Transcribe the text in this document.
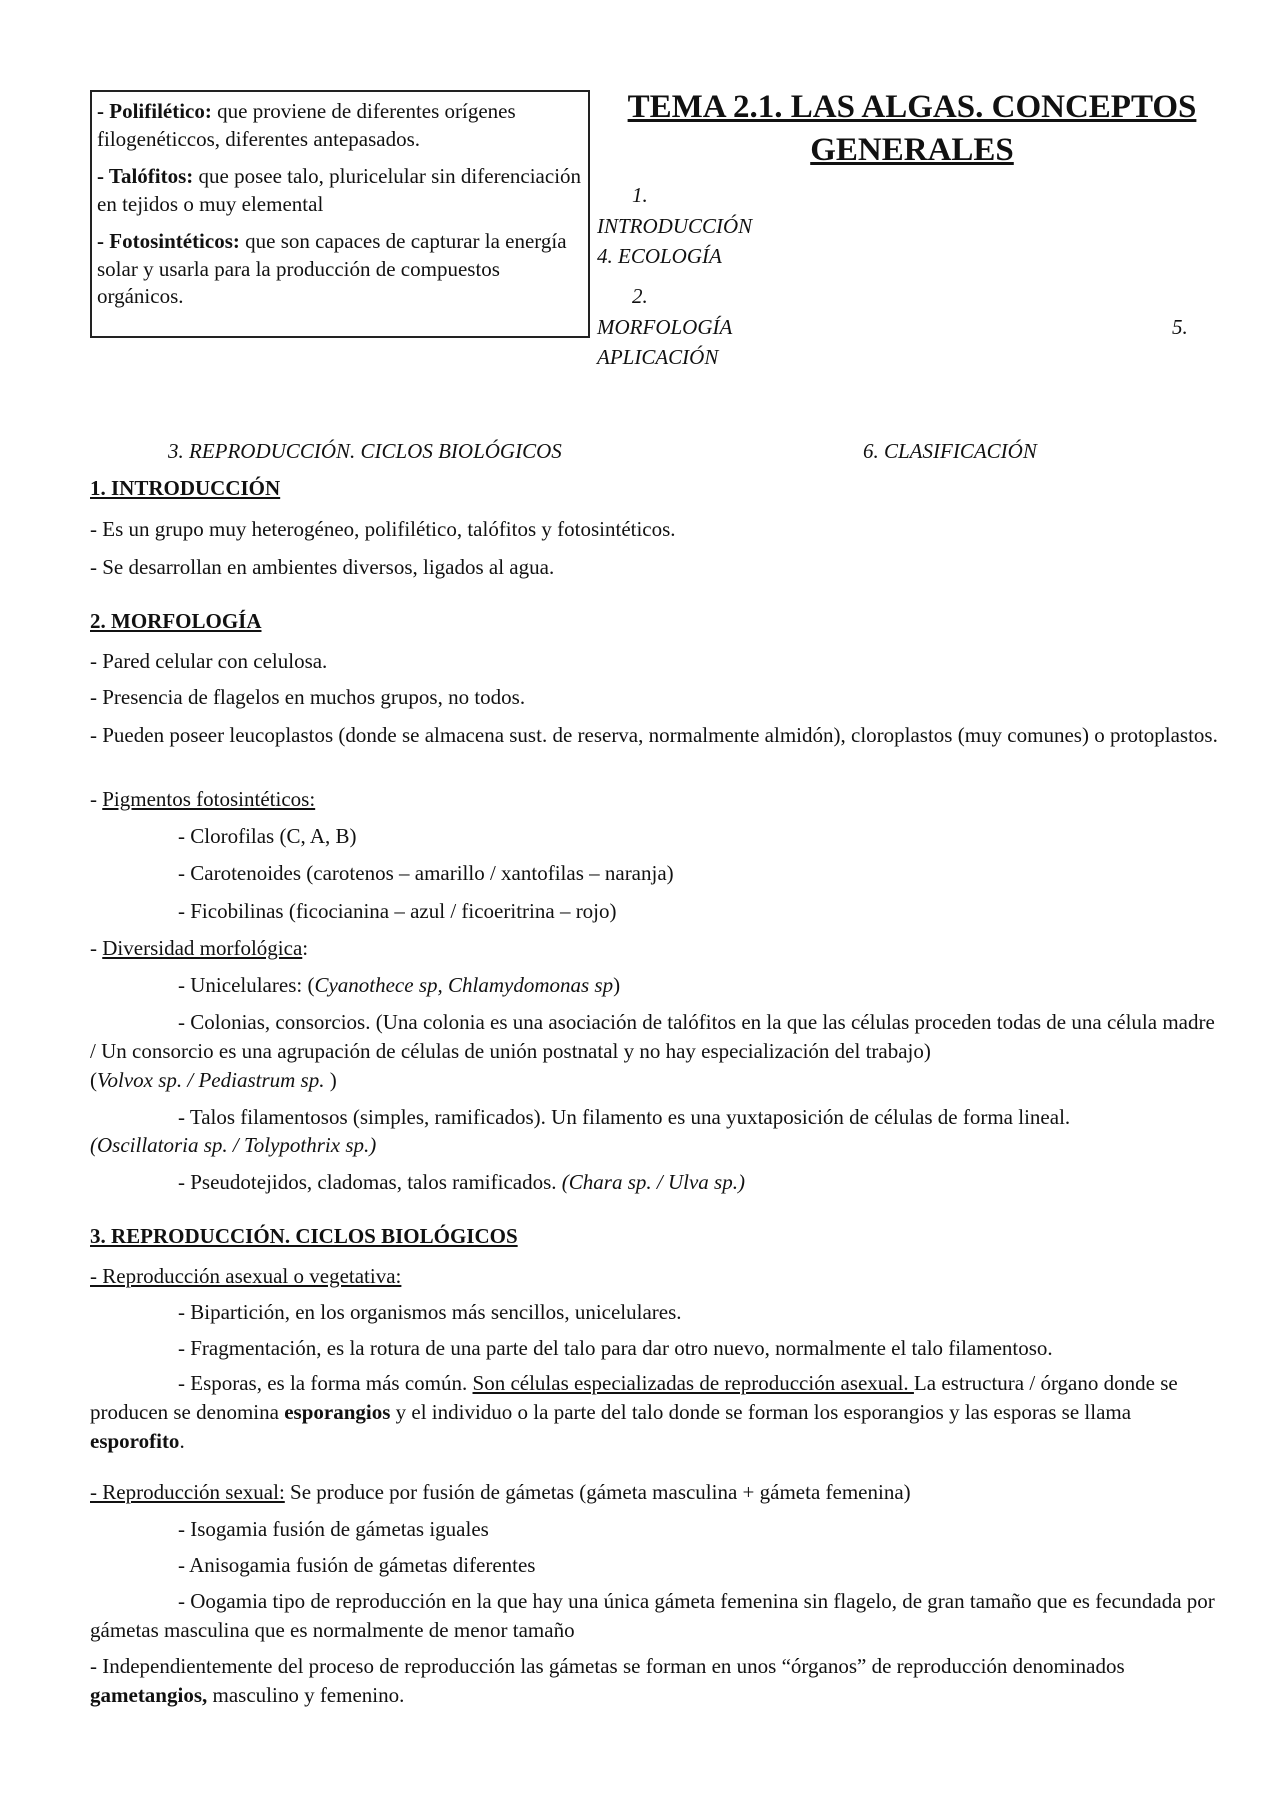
- Polifilético: que proviene de diferentes orígenes filogenéticcos, diferentes antepasados.

- Talófitos: que posee talo, pluricelular sin diferenciación en tejidos o muy elemental

- Fotosintéticos: que son capaces de capturar la energía solar y usarla para la producción de compuestos orgánicos.

TEMA 2.1. LAS ALGAS. CONCEPTOS
GENERALES
1.
INTRODUCCIÓN
4. ECOLOGÍA
2.
MORFOLOGÍA	5.
APLICACIÓN
3. REPRODUCCIÓN. CICLOS BIOLÓGICOS	6. CLASIFICACIÓN
1. INTRODUCCIÓN
- Es un grupo muy heterogéneo, polifilético, talófitos y fotosintéticos.
- Se desarrollan en ambientes diversos, ligados al agua.
2. MORFOLOGÍA
- Pared celular con celulosa.
- Presencia de flagelos en muchos grupos, no todos.
- Pueden poseer leucoplastos (donde se almacena sust. de reserva, normalmente almidón), cloroplastos (muy comunes) o protoplastos.
- Pigmentos fotosintéticos:
- Clorofilas (C, A, B)
- Carotenoides (carotenos – amarillo / xantofilas – naranja)
- Ficobilinas (ficocianina – azul / ficoeritrina – rojo)
- Diversidad morfológica:
- Unicelulares: (Cyanothece sp, Chlamydomonas sp)
- Colonias, consorcios. (Una colonia es una asociación de talófitos en la que las células proceden todas de una célula madre / Un consorcio es una agrupación de células de unión postnatal y no hay especialización del trabajo)
(Volvox sp. / Pediastrum sp. )
- Talos filamentosos (simples, ramificados). Un filamento es una yuxtaposición de células de forma lineal.
(Oscillatoria sp. / Tolypothrix sp.)
- Pseudotejidos, cladomas, talos ramificados. (Chara sp. / Ulva sp.)
3. REPRODUCCIÓN. CICLOS BIOLÓGICOS
- Reproducción asexual o vegetativa:
- Bipartición, en los organismos más sencillos, unicelulares.
- Fragmentación, es la rotura de una parte del talo para dar otro nuevo, normalmente el talo filamentoso.
- Esporas, es la forma más común. Son células especializadas de reproducción asexual. La estructura / órgano donde se producen se denomina esporangios y el individuo o la parte del talo donde se forman los esporangios y las esporas se llama esporofito.
- Reproducción sexual: Se produce por fusión de gámetas (gámeta masculina + gámeta femenina)
- Isogamia fusión de gámetas iguales
- Anisogamia fusión de gámetas diferentes
- Oogamia tipo de reproducción en la que hay una única gámeta femenina sin flagelo, de gran tamaño que es fecundada por gámetas masculina que es normalmente de menor tamaño
- Independientemente del proceso de reproducción las gámetas se forman en unos “órganos” de reproducción denominados gametangios, masculino y femenino.
